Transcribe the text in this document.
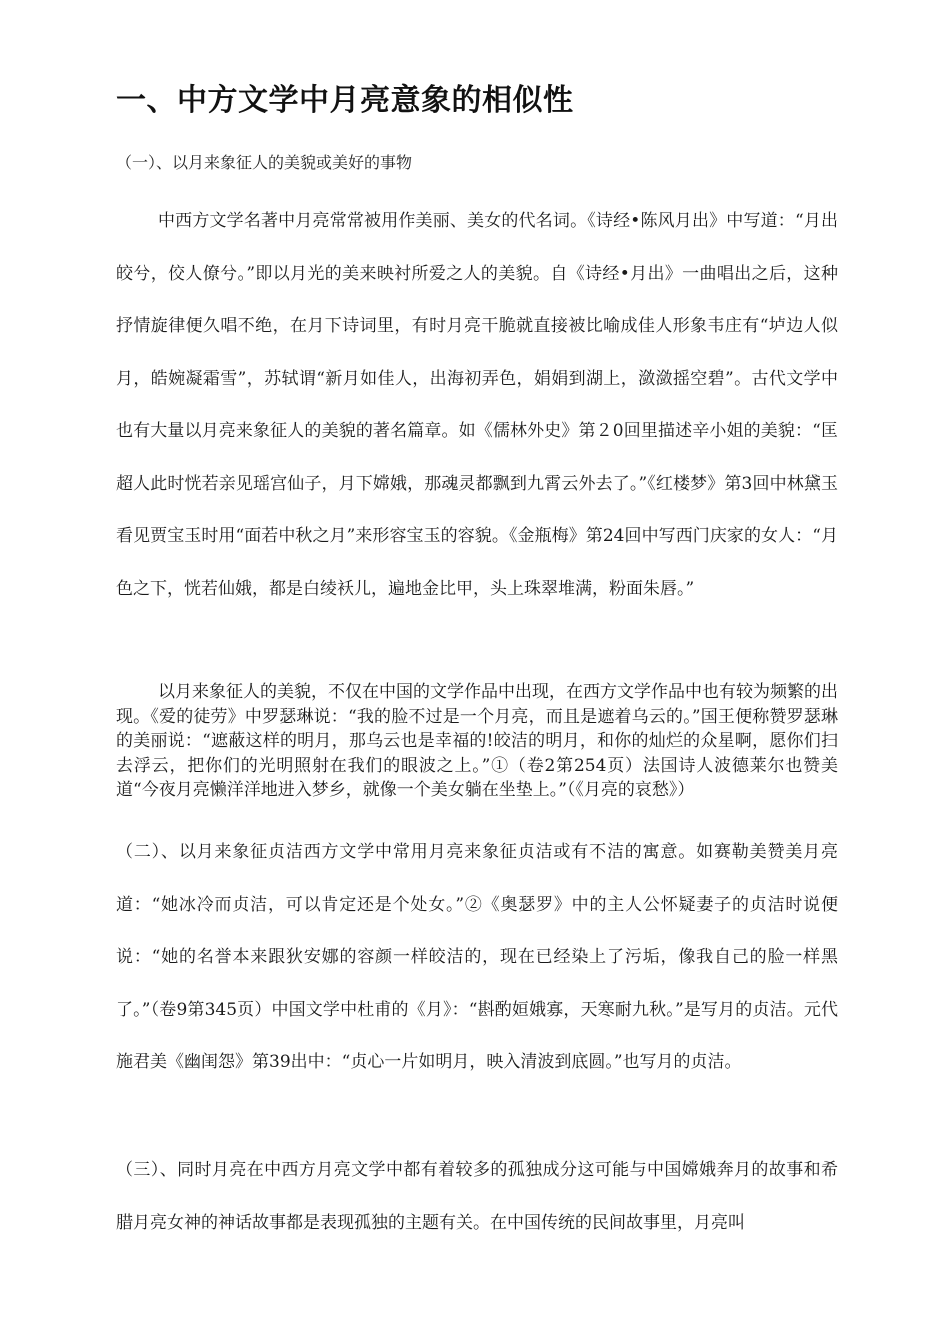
一、中方文学中月亮意象的相似性
（一）、以月来象征人的美貌或美好的事物

中西方文学名著中月亮常常被用作美丽、美女的代名词。《诗经•陈风月出》中写道：“月出皎兮，佼人僚兮。”即以月光的美来映衬所爱之人的美貌。自《诗经•月出》一曲唱出之后，这种抒情旋律便久唱不绝，在月下诗词里，有时月亮干脆就直接被比喻成佳人形象韦庄有“垆边人似月，皓婉凝霜雪”，苏轼谓“新月如佳人，出海初弄色，娟娟到湖上，潋潋摇空碧”。古代文学中也有大量以月亮来象征人的美貌的著名篇章。如《儒林外史》第２0回里描述辛小姐的美貌：“匡超人此时恍若亲见瑶宫仙子，月下嫦娥，那魂灵都飘到九霄云外去了。”《红楼梦》第3回中林黛玉看见贾宝玉时用“面若中秋之月”来形容宝玉的容貌。《金瓶梅》第24回中写西门庆家的女人：“月色之下，恍若仙娥，都是白绫袄儿，遍地金比甲，头上珠翠堆满，粉面朱唇。”

以月来象征人的美貌，不仅在中国的文学作品中出现，在西方文学作品中也有较为频繁的出现。《爱的徒劳》中罗瑟琳说：“我的脸不过是一个月亮，而且是遮着乌云的。”国王便称赞罗瑟琳的美丽说：“遮蔽这样的明月，那乌云也是幸福的!皎洁的明月，和你的灿烂的众星啊，愿你们扫去浮云，把你们的光明照射在我们的眼波之上。”①（卷2第254页）法国诗人波德莱尔也赞美道“今夜月亮懒洋洋地进入梦乡，就像一个美女躺在坐垫上。”（《月亮的哀愁》）

（二）、以月来象征贞洁西方文学中常用月亮来象征贞洁或有不洁的寓意。如赛勒美赞美月亮道：“她冰冷而贞洁，可以肯定还是个处女。”②《奥瑟罗》中的主人公怀疑妻子的贞洁时说便说：“她的名誉本来跟狄安娜的容颜一样皎洁的，现在已经染上了污垢，像我自己的脸一样黑了。”（卷9第345页）中国文学中杜甫的《月》：“斟酌姮娥寡，天寒耐九秋。”是写月的贞洁。元代施君美《幽闺怨》第39出中：“贞心一片如明月，映入清波到底圆。”也写月的贞洁。

（三）、同时月亮在中西方月亮文学中都有着较多的孤独成分这可能与中国嫦娥奔月的故事和希腊月亮女神的神话故事都是表现孤独的主题有关。在中国传统的民间故事里，月亮叫
